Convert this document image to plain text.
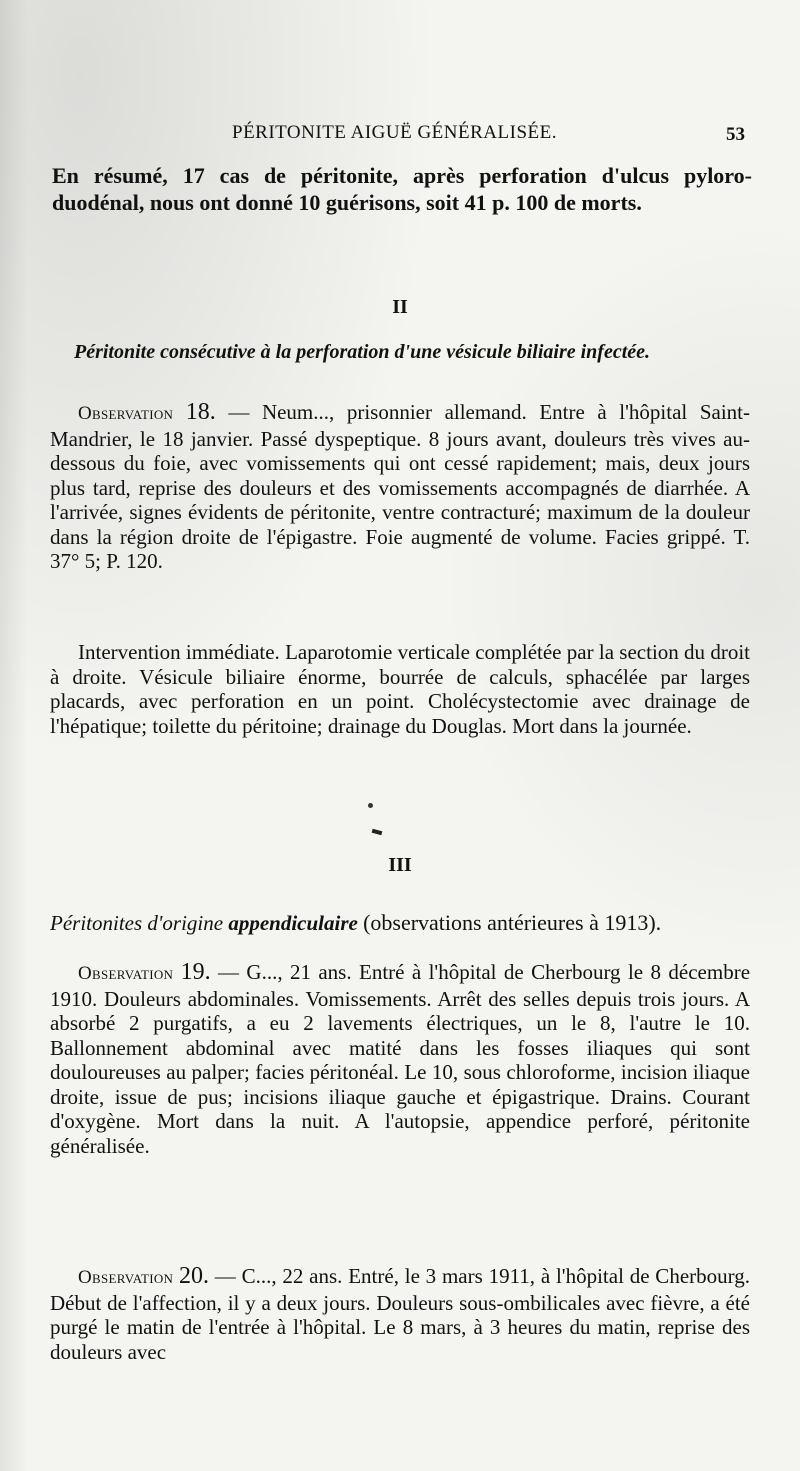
PÉRITONITE AIGUË GÉNÉRALISÉE.	53

En résumé, 17 cas de péritonite, après perforation d'ulcus pyloro-duodénal, nous ont donné 10 guérisons, soit 41 p. 100 de morts.

II
Péritonite consécutive à la perforation d'une vésicule biliaire infectée.

Observation 18. — Neum..., prisonnier allemand. Entre à l'hôpital Saint-Mandrier, le 18 janvier. Passé dyspeptique. 8 jours avant, douleurs très vives au-dessous du foie, avec vomissements qui ont cessé rapidement; mais, deux jours plus tard, reprise des douleurs et des vomissements accompagnés de diarrhée. A l'arrivée, signes évidents de péritonite, ventre contracturé; maximum de la douleur dans la région droite de l'épigastre. Foie augmenté de volume. Facies grippé. T. 37° 5; P. 120.

Intervention immédiate. Laparotomie verticale complétée par la section du droit à droite. Vésicule biliaire énorme, bourrée de calculs, sphacélée par larges placards, avec perforation en un point. Cholécystectomie avec drainage de l'hépatique; toilette du péritoine; drainage du Douglas. Mort dans la journée.

III
Péritonites d'origine appendiculaire (observations antérieures à 1913).

Observation 19. — G..., 21 ans. Entré à l'hôpital de Cherbourg le 8 décembre 1910. Douleurs abdominales. Vomissements. Arrêt des selles depuis trois jours. A absorbé 2 purgatifs, a eu 2 lavements électriques, un le 8, l'autre le 10. Ballonnement abdominal avec matité dans les fosses iliaques qui sont douloureuses au palper; facies péritonéal. Le 10, sous chloroforme, incision iliaque droite, issue de pus; incisions iliaque gauche et épigastrique. Drains. Courant d'oxygène. Mort dans la nuit. A l'autopsie, appendice perforé, péritonite généralisée.

Observation 20. — C..., 22 ans. Entré, le 3 mars 1911, à l'hôpital de Cherbourg. Début de l'affection, il y a deux jours. Douleurs sous-ombilicales avec fièvre, a été purgé le matin de l'entrée à l'hôpital. Le 8 mars, à 3 heures du matin, reprise des douleurs avec
